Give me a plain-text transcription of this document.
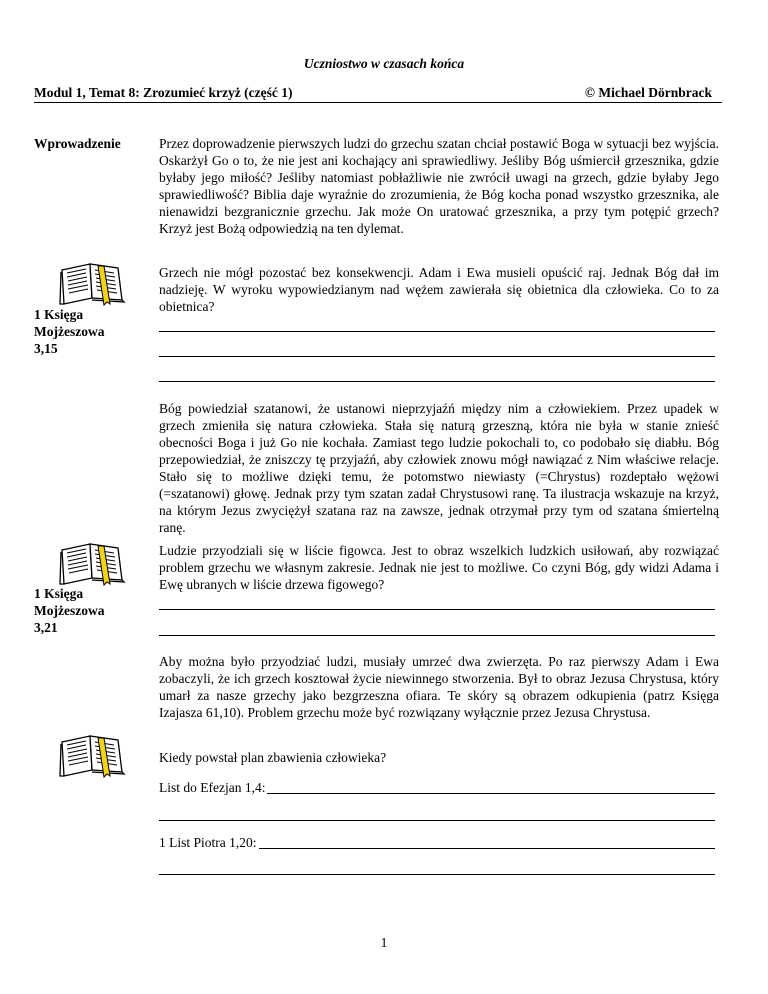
Uczniostwo w czasach końca
Modul 1, Temat 8: Zrozumieć krzyż (część 1)	© Michael Dörnbrack
Wprowadzenie	Przez doprowadzenie pierwszych ludzi do grzechu szatan chciał postawić Boga w sytuacji bez wyjścia. Oskarżył Go o to, że nie jest ani kochający ani sprawiedliwy. Jeśliby Bóg uśmiercił grzesznika, gdzie byłaby jego miłość? Jeśliby natomiast pobłażliwie nie zwrócił uwagi na grzech, gdzie byłaby Jego sprawiedliwość? Biblia daje wyraźnie do zrozumienia, że Bóg kocha ponad wszystko grzesznika, ale nienawidzi bezgranicznie grzechu. Jak może On uratować grzesznika, a przy tym potępić grzech? Krzyż jest Bożą odpowiedzią na ten dylemat.

1 Księga
Mojżeszowa
3,15

Grzech nie mógł pozostać bez konsekwencji. Adam i Ewa musieli opuścić raj. Jednak Bóg dał im nadzieję. W wyroku wypowiedzianym nad wężem zawierała się obietnica dla człowieka. Co to za obietnica?

Bóg powiedział szatanowi, że ustanowi nieprzyjaźń między nim a człowiekiem. Przez upadek w grzech zmieniła się natura człowieka. Stała się naturą grzeszną, która nie była w stanie znieść obecności Boga i już Go nie kochała. Zamiast tego ludzie pokochali to, co podobało się diabłu. Bóg przepowiedział, że zniszczy tę przyjaźń, aby człowiek znowu mógł nawiązać z Nim właściwe relacje. Stało się to możliwe dzięki temu, że potomstwo niewiasty (=Chrystus) rozdeptało wężowi (=szatanowi) głowę. Jednak przy tym szatan zadał Chrystusowi ranę. Ta ilustracja wskazuje na krzyż, na którym Jezus zwyciężył szatana raz na zawsze, jednak otrzymał przy tym od szatana śmiertelną ranę.

1 Księga
Mojżeszowa
3,21

Ludzie przyodziali się w liście figowca. Jest to obraz wszelkich ludzkich usiłowań, aby rozwiązać problem grzechu we własnym zakresie. Jednak nie jest to możliwe. Co czyni Bóg, gdy widzi Adama i Ewę ubranych w liście drzewa figowego?

Aby można było przyodziać ludzi, musiały umrzeć dwa zwierzęta. Po raz pierwszy Adam i Ewa zobaczyli, że ich grzech kosztował życie niewinnego stworzenia. Był to obraz Jezusa Chrystusa, który umarł za nasze grzechy jako bezgrzeszna ofiara. Te skóry są obrazem odkupienia (patrz Księga Izajasza 61,10). Problem grzechu może być rozwiązany wyłącznie przez Jezusa Chrystusa.

Kiedy powstał plan zbawienia człowieka?

List do Efezjan 1,4:
1 List Piotra 1,20:
1
